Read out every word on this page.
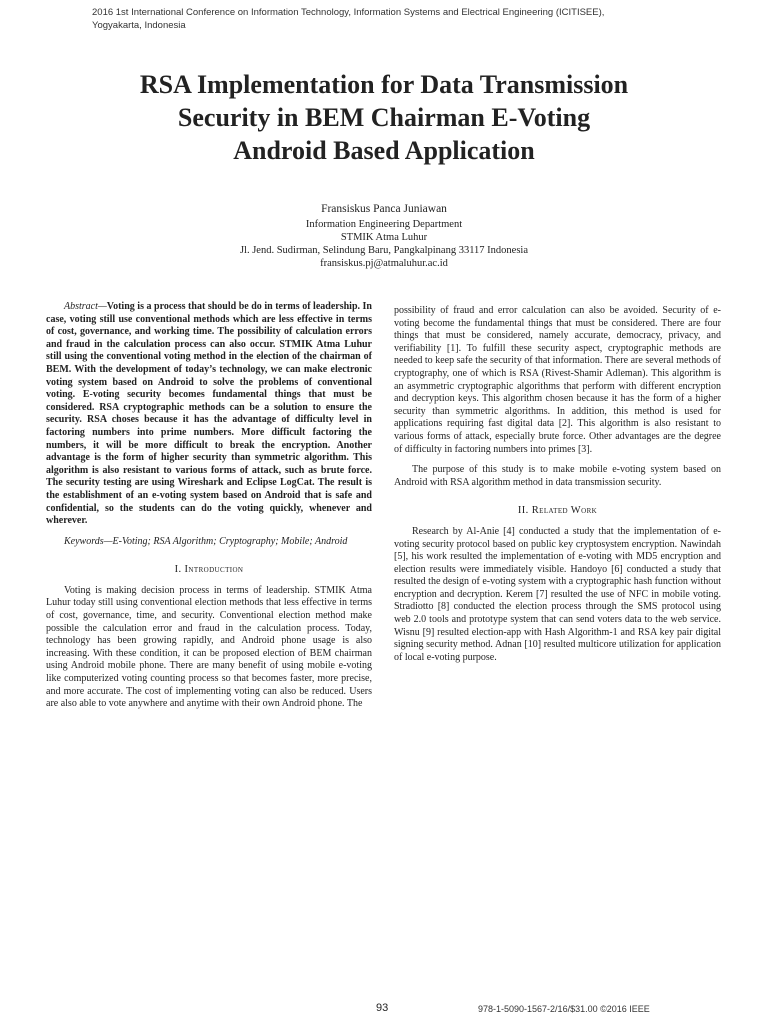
2016 1st International Conference on Information Technology, Information Systems and Electrical Engineering (ICITISEE),
Yogyakarta, Indonesia
RSA Implementation for Data Transmission
Security in BEM Chairman E-Voting
Android Based Application
Fransiskus Panca Juniawan
Information Engineering Department
STMIK Atma Luhur
Jl. Jend. Sudirman, Selindung Baru, Pangkalpinang 33117 Indonesia
fransiskus.pj@atmaluhur.ac.id

Abstract—Voting is a process that should be do in terms of leadership. In case, voting still use conventional methods which are less effective in terms of cost, governance, and working time. The possibility of calculation errors and fraud in the calculation process can also occur. STMIK Atma Luhur still using the conventional voting method in the election of the chairman of BEM. With the development of today’s technology, we can make electronic voting system based on Android to solve the problems of conventional voting. E-voting security becomes fundamental things that must be considered. RSA cryptographic methods can be a solution to ensure the security. RSA choses because it has the advantage of difficulty level in factoring numbers into prime numbers. More difficult factoring the numbers, it will be more difficult to break the encryption. Another advantage is the form of higher security than symmetric algorithm. This algorithm is also resistant to various forms of attack, such as brute force. The security testing are using Wireshark and Eclipse LogCat. The result is the establishment of an e-voting system based on Android that is safe and confidential, so the students can do the voting quickly, whenever and wherever.

Keywords—E-Voting; RSA Algorithm; Cryptography; Mobile; Android

I. Introduction

Voting is making decision process in terms of leadership. STMIK Atma Luhur today still using conventional election methods that less effective in terms of cost, governance, time, and security. Conventional election method make possible the calculation error and fraud in the calculation process. Today, technology has been growing rapidly, and Android phone usage is also increasing. With these condition, it can be proposed election of BEM chairman using Android mobile phone. There are many benefit of using mobile e-voting like computerized voting counting process so that becomes faster, more precise, and more accurate. The cost of implementing voting can also be reduced. Users are also able to vote anywhere and anytime with their own Android phone. The

possibility of fraud and error calculation can also be avoided. Security of e-voting become the fundamental things that must be considered. There are four things that must be considered, namely accurate, democracy, privacy, and verifiability [1]. To fulfill these security aspect, cryptographic methods are needed to keep safe the security of that information. There are several methods of cryptography, one of which is RSA (Rivest-Shamir Adleman). This algorithm is an asymmetric cryptographic algorithms that perform with different encryption and decryption keys. This algorithm chosen because it has the form of a higher security than symmetric algorithms. In addition, this method is used for applications requiring fast digital data [2]. This algorithm is also resistant to various forms of attack, especially brute force. Other advantages are the degree of difficulty in factoring numbers into primes [3].

The purpose of this study is to make mobile e-voting system based on Android with RSA algorithm method in data transmission security.

II. Related Work

Research by Al-Anie [4] conducted a study that the implementation of e-voting security protocol based on public key cryptosystem encryption. Nawindah [5], his work resulted the implementation of e-voting with MD5 encryption and election results were immediately visible. Handoyo [6] conducted a study that resulted the design of e-voting system with a cryptographic hash function without encryption and decryption. Kerem [7] resulted the use of NFC in mobile voting. Stradiotto [8] conducted the election process through the SMS protocol using web 2.0 tools and prototype system that can send voters data to the web service. Wisnu [9] resulted election-app with Hash Algorithm-1 and RSA key pair digital signing security method. Adnan [10] resulted multicore utilization for application of local e-voting purpose.

93	978-1-5090-1567-2/16/$31.00 ©2016 IEEE
